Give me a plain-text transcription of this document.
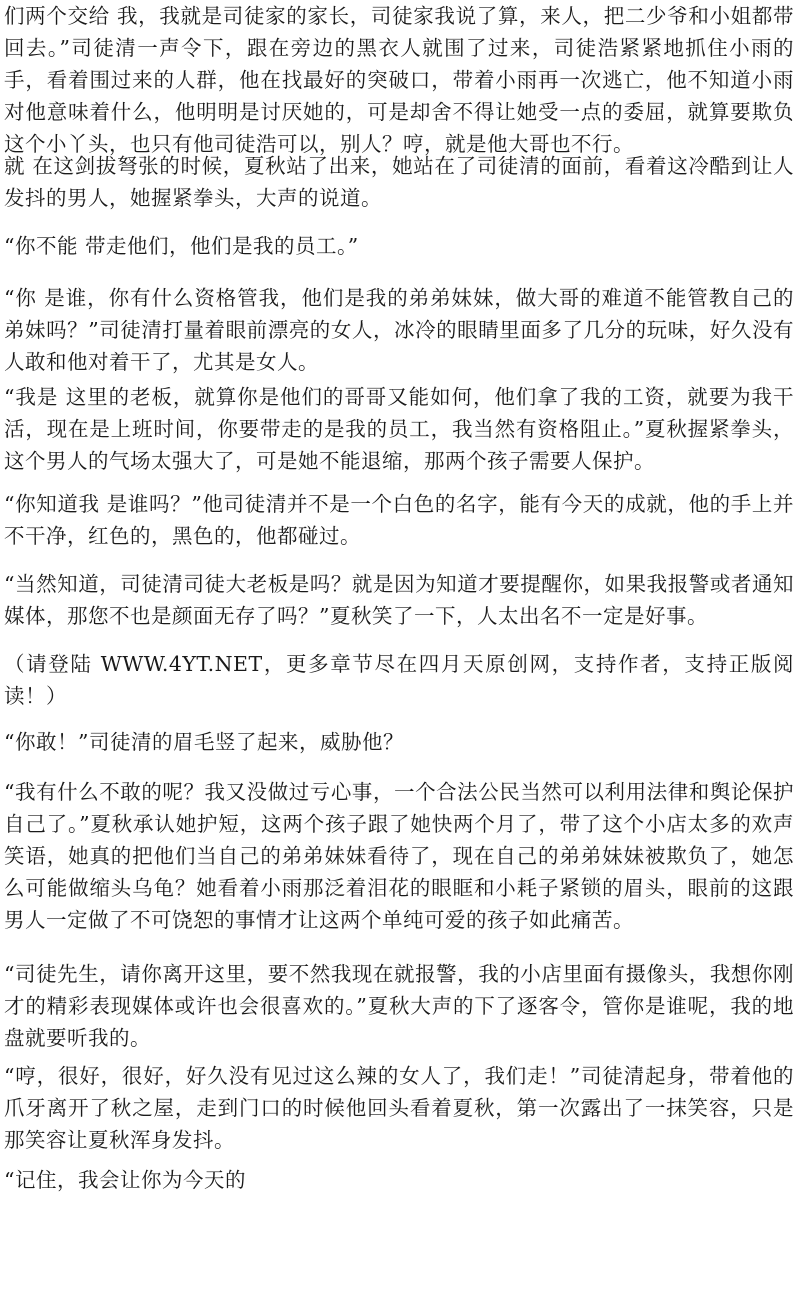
们两个交给 我，我就是司徒家的家长，司徒家我说了算，来人，把二少爷和小姐都带回去。”司徒清一声令下，跟在旁边的黑衣人就围了过来，司徒浩紧紧地抓住小雨的手，看着围过来的人群，他在找最好的突破口，带着小雨再一次逃亡，他不知道小雨对他意味着什么，他明明是讨厌她的，可是却舍不得让她受一点的委屈，就算要欺负这个小丫头，也只有他司徒浩可以，别人？哼，就是他大哥也不行。

就 在这剑拔弩张的时候，夏秋站了出来，她站在了司徒清的面前，看着这冷酷到让人发抖的男人，她握紧拳头，大声的说道。

“你不能 带走他们，他们是我的员工。”

“你 是谁，你有什么资格管我，他们是我的弟弟妹妹，做大哥的难道不能管教自己的弟妹吗？”司徒清打量着眼前漂亮的女人，冰冷的眼睛里面多了几分的玩味，好久没有人敢和他对着干了，尤其是女人。

“我是 这里的老板，就算你是他们的哥哥又能如何，他们拿了我的工资，就要为我干活，现在是上班时间，你要带走的是我的员工，我当然有资格阻止。”夏秋握紧拳头，这个男人的气场太强大了，可是她不能退缩，那两个孩子需要人保护。

“你知道我 是谁吗？”他司徒清并不是一个白色的名字，能有今天的成就，他的手上并不干净，红色的，黑色的，他都碰过。

“当然知道，司徒清司徒大老板是吗？就是因为知道才要提醒你，如果我报警或者通知媒体，那您不也是颜面无存了吗？”夏秋笑了一下，人太出名不一定是好事。

（请登陆 WWW.4YT.NET，更多章节尽在四月天原创网，支持作者，支持正版阅读！）

“你敢！”司徒清的眉毛竖了起来，威胁他？

“我有什么不敢的呢？我又没做过亏心事，一个合法公民当然可以利用法律和舆论保护自己了。”夏秋承认她护短，这两个孩子跟了她快两个月了，带了这个小店太多的欢声笑语，她真的把他们当自己的弟弟妹妹看待了，现在自己的弟弟妹妹被欺负了，她怎么可能做缩头乌龟？她看着小雨那泛着泪花的眼眶和小耗子紧锁的眉头，眼前的这跟男人一定做了不可饶恕的事情才让这两个单纯可爱的孩子如此痛苦。

“司徒先生，请你离开这里，要不然我现在就报警，我的小店里面有摄像头，我想你刚才的精彩表现媒体或许也会很喜欢的。”夏秋大声的下了逐客令，管你是谁呢，我的地盘就要听我的。

“哼，很好，很好，好久没有见过这么辣的女人了，我们走！”司徒清起身，带着他的爪牙离开了秋之屋，走到门口的时候他回头看着夏秋，第一次露出了一抹笑容，只是那笑容让夏秋浑身发抖。

“记住，我会让你为今天的
